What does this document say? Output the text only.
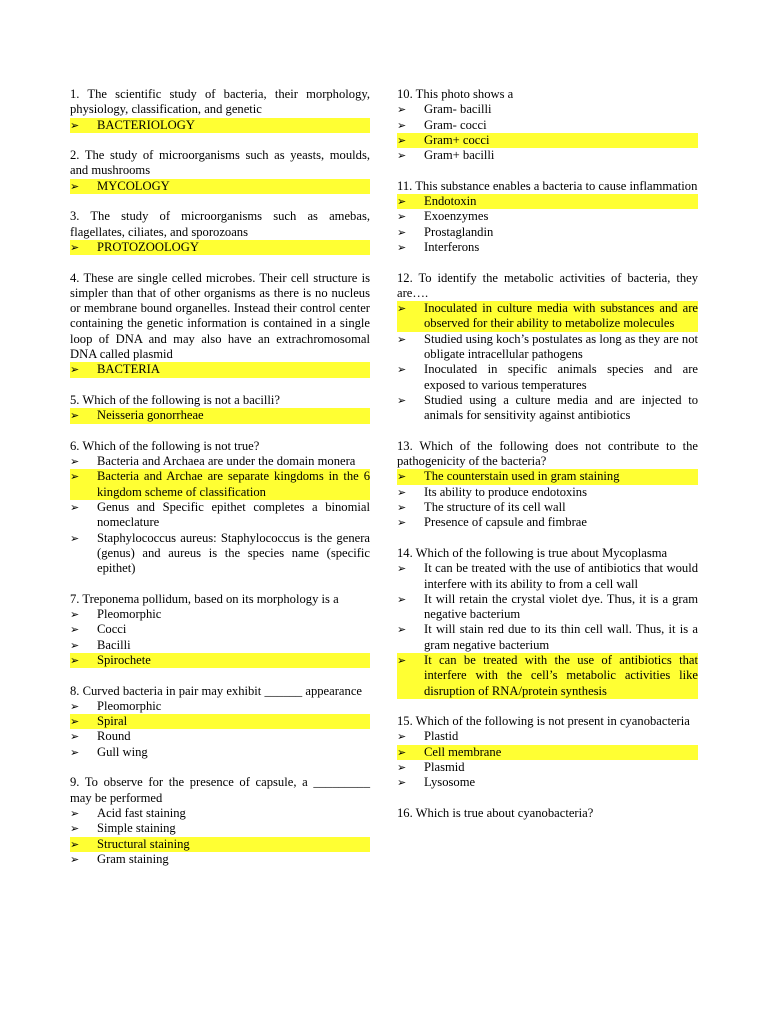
1. The scientific study of bacteria, their morphology, physiology, classification, and genetic
➢
BACTERIOLOGY
2. The study of microorganisms such as yeasts, moulds, and mushrooms
➢
MYCOLOGY
3. The study of microorganisms such as amebas, flagellates, ciliates, and sporozoans
➢
PROTOZOOLOGY
4. These are single celled microbes. Their cell structure is simpler than that of other organisms as there is no nucleus or membrane bound organelles. Instead their control center containing the genetic information is contained in a single loop of DNA and may also have an extrachromosomal DNA called plasmid
➢
BACTERIA
5. Which of the following is not a bacilli?
➢
Neisseria gonorrheae
6. Which of the following is not true?
➢
Bacteria and Archaea are under the domain monera
➢
Bacteria and Archae are separate kingdoms in the 6 kingdom scheme of classification
➢
Genus and Specific epithet completes a binomial nomeclature
➢
Staphylococcus aureus: Staphylococcus is the genera (genus) and aureus is the species name (specific epithet)
7. Treponema pollidum, based on its morphology is a
➢
Pleomorphic
➢
Cocci
➢
Bacilli
➢
Spirochete
8. Curved bacteria in pair may exhibit ______ appearance
➢
Pleomorphic
➢
Spiral
➢
Round
➢
Gull wing
9. To observe for the presence of capsule, a _________ may be performed
➢
Acid fast staining
➢
Simple staining
➢
Structural staining
➢
Gram staining
10. This photo shows a
➢
Gram- bacilli
➢
Gram- cocci
➢
Gram+ cocci
➢
Gram+ bacilli
11. This substance enables a bacteria to cause inflammation
➢
Endotoxin
➢
Exoenzymes
➢
Prostaglandin
➢
Interferons
12. To identify the metabolic activities of bacteria, they are….
➢
Inoculated in culture media with substances and are observed for their ability to metabolize molecules
➢
Studied using koch’s postulates as long as they are not obligate intracellular pathogens
➢
Inoculated in specific animals species and are exposed to various temperatures
➢
Studied using a culture media and are injected to animals for sensitivity against antibiotics
13. Which of the following does not contribute to the pathogenicity of the bacteria?
➢
The counterstain used in gram staining
➢
Its ability to produce endotoxins
➢
The structure of its cell wall
➢
Presence of capsule and fimbrae
14. Which of the following is true about Mycoplasma
➢
It can be treated with the use of antibiotics that would interfere with its ability to from a cell wall
➢
It will retain the crystal violet dye. Thus, it is a gram negative bacterium
➢
It will stain red due to its thin cell wall. Thus, it is a gram negative bacterium
➢
It can be treated with the use of antibiotics that interfere with the cell’s metabolic activities like disruption of RNA/protein synthesis
15. Which of the following is not present in cyanobacteria
➢
Plastid
➢
Cell membrane
➢
Plasmid
➢
Lysosome
16. Which is true about cyanobacteria?
